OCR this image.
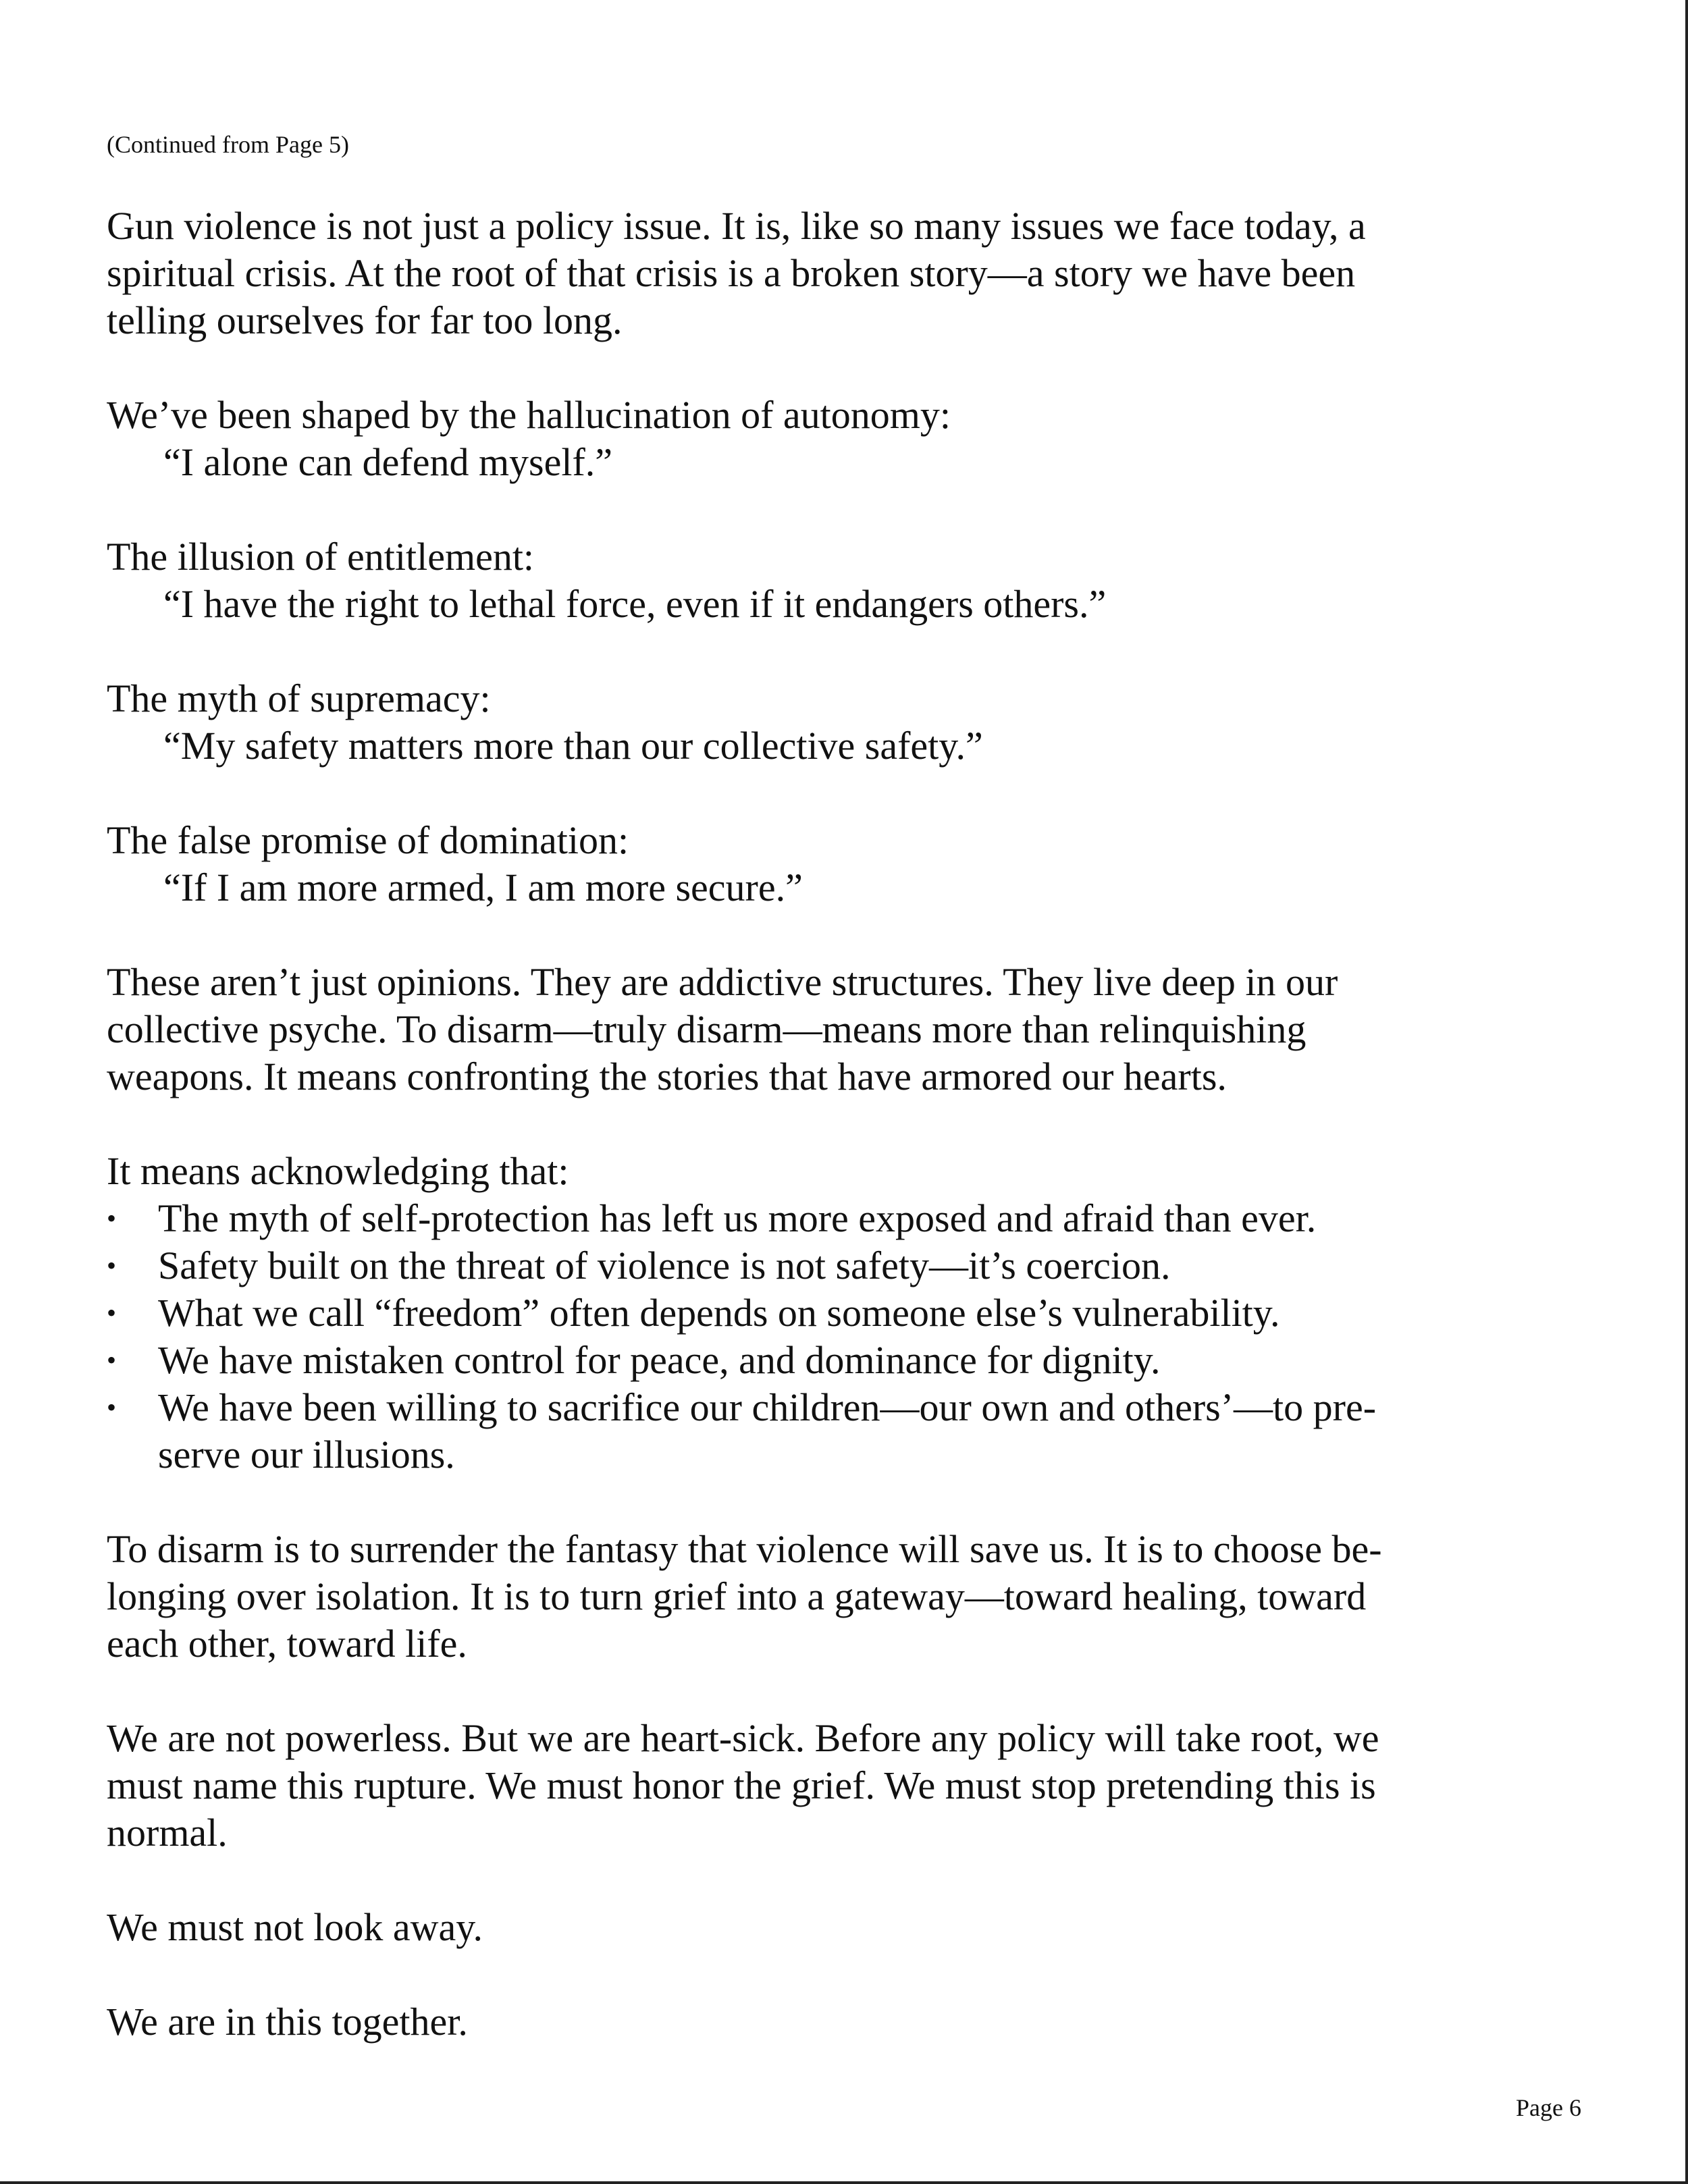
(Continued from Page 5)

Gun violence is not just a policy issue. It is, like so many issues we face today, a
spiritual crisis. At the root of that crisis is a broken story—a story we have been
telling ourselves for far too long.

We’ve been shaped by the hallucination of autonomy:
“I alone can defend myself.”

The illusion of entitlement:
“I have the right to lethal force, even if it endangers others.”

The myth of supremacy:
“My safety matters more than our collective safety.”

The false promise of domination:
“If I am more armed, I am more secure.”

These aren’t just opinions. They are addictive structures. They live deep in our
collective psyche. To disarm—truly disarm—means more than relinquishing
weapons. It means confronting the stories that have armored our hearts.

It means acknowledging that:

• The myth of self-protection has left us more exposed and afraid than ever.
• Safety built on the threat of violence is not safety—it’s coercion.
• What we call “freedom” often depends on someone else’s vulnerability.
• We have mistaken control for peace, and dominance for dignity.
• We have been willing to sacrifice our children—our own and others’—to pre-
serve our illusions.

To disarm is to surrender the fantasy that violence will save us. It is to choose be-
longing over isolation. It is to turn grief into a gateway—toward healing, toward
each other, toward life.

We are not powerless. But we are heart-sick. Before any policy will take root, we
must name this rupture. We must honor the grief. We must stop pretending this is
normal.

We must not look away.

We are in this together.

Page 6
